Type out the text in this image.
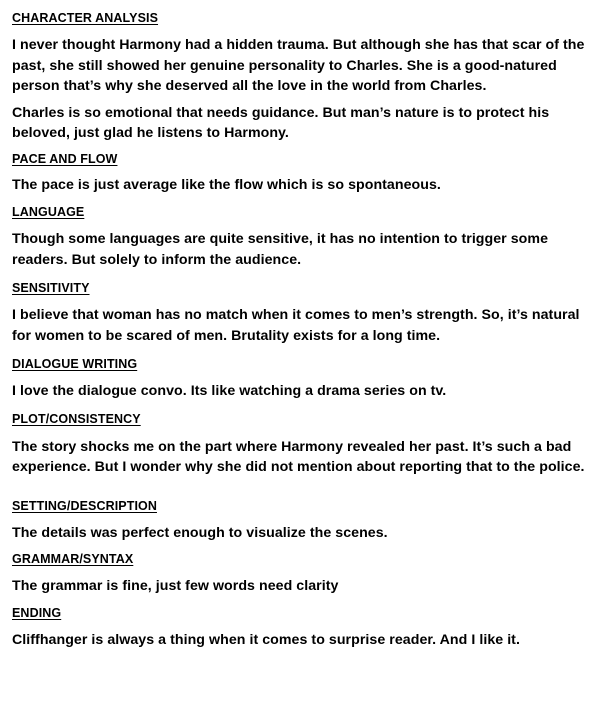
CHARACTER ANALYSIS

I never thought Harmony had a hidden trauma. But although she has that scar of the past, she still showed her genuine personality to Charles. She is a good-natured person that’s why she deserved all the love in the world from Charles.

Charles is so emotional that needs guidance. But man’s nature is to protect his beloved, just glad he listens to Harmony.

PACE AND FLOW

The pace is just average like the flow which is so spontaneous.

LANGUAGE

Though some languages are quite sensitive, it has no intention to trigger some readers. But solely to inform the audience.

SENSITIVITY

I believe that woman has no match when it comes to men’s strength. So, it’s natural for women to be scared of men. Brutality exists for a long time.

DIALOGUE WRITING

I love the dialogue convo. Its like watching a drama series on tv.

PLOT/CONSISTENCY

The story shocks me on the part where Harmony revealed her past. It’s such a bad experience. But I wonder why she did not mention about reporting that to the police.

SETTING/DESCRIPTION

The details was perfect enough to visualize the scenes.

GRAMMAR/SYNTAX

The grammar is fine, just few words need clarity

ENDING

Cliffhanger is always a thing when it comes to surprise reader. And I like it.
